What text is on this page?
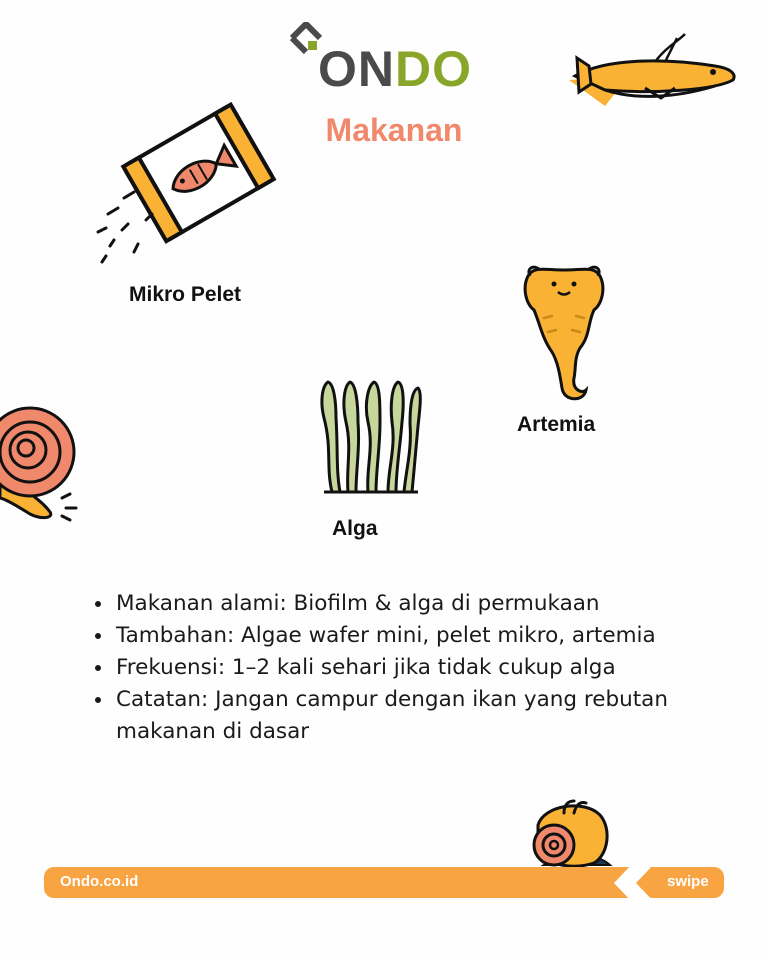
ONDO
Makanan
Mikro Pelet
Artemia
Alga
• Makanan alami: Biofilm & alga di permukaan
• Tambahan: Algae wafer mini, pelet mikro, artemia
• Frekuensi: 1–2 kali sehari jika tidak cukup alga
• Catatan: Jangan campur dengan ikan yang rebutan makanan di dasar
Ondo.co.id	swipe
